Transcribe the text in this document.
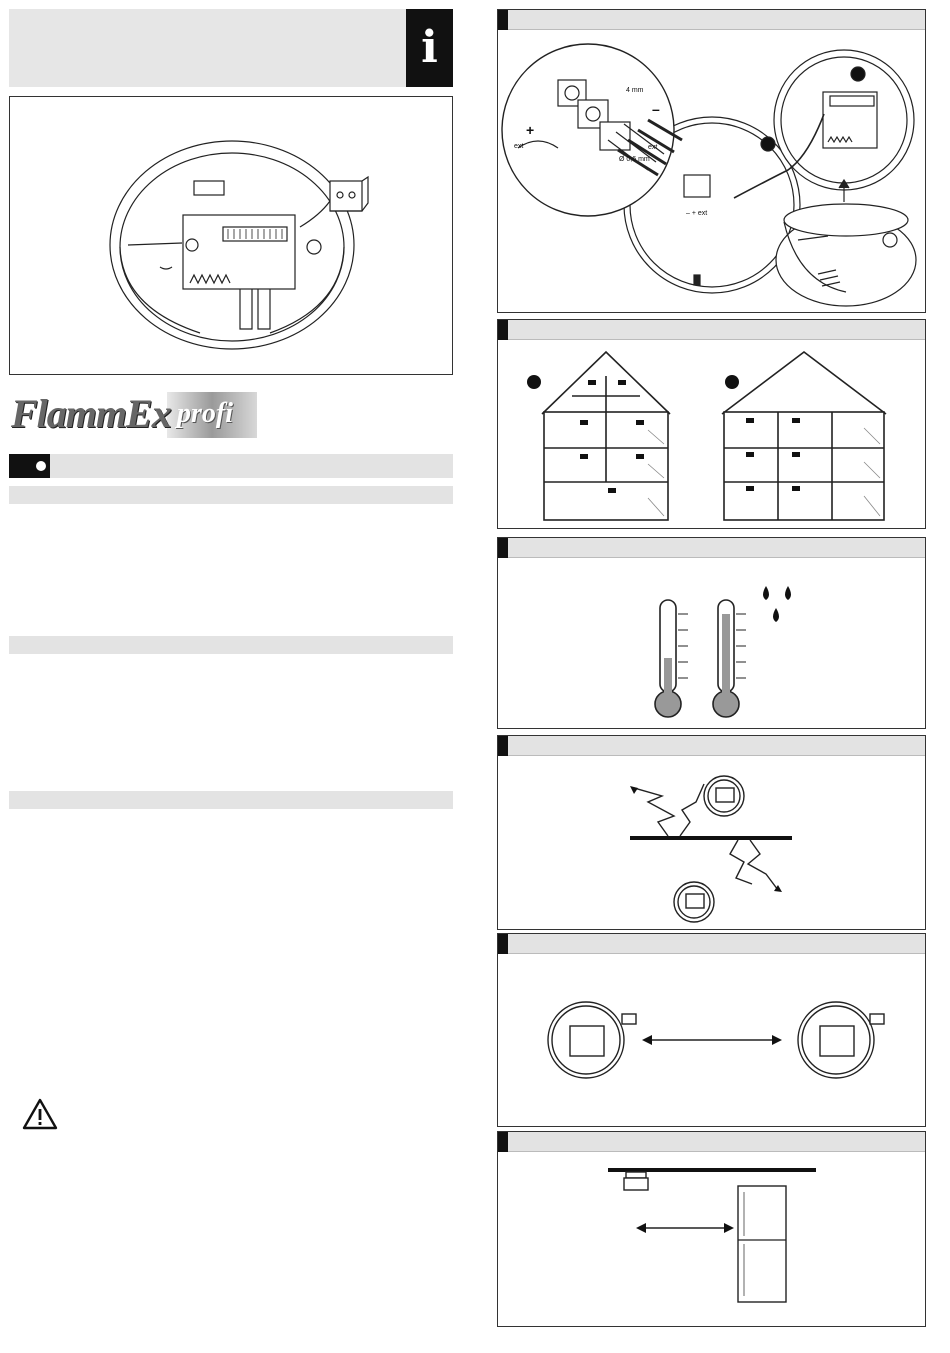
i
FlammEx profi
4 mm
Ø 0,6 mm
ext	ext
– + ext
+
–
